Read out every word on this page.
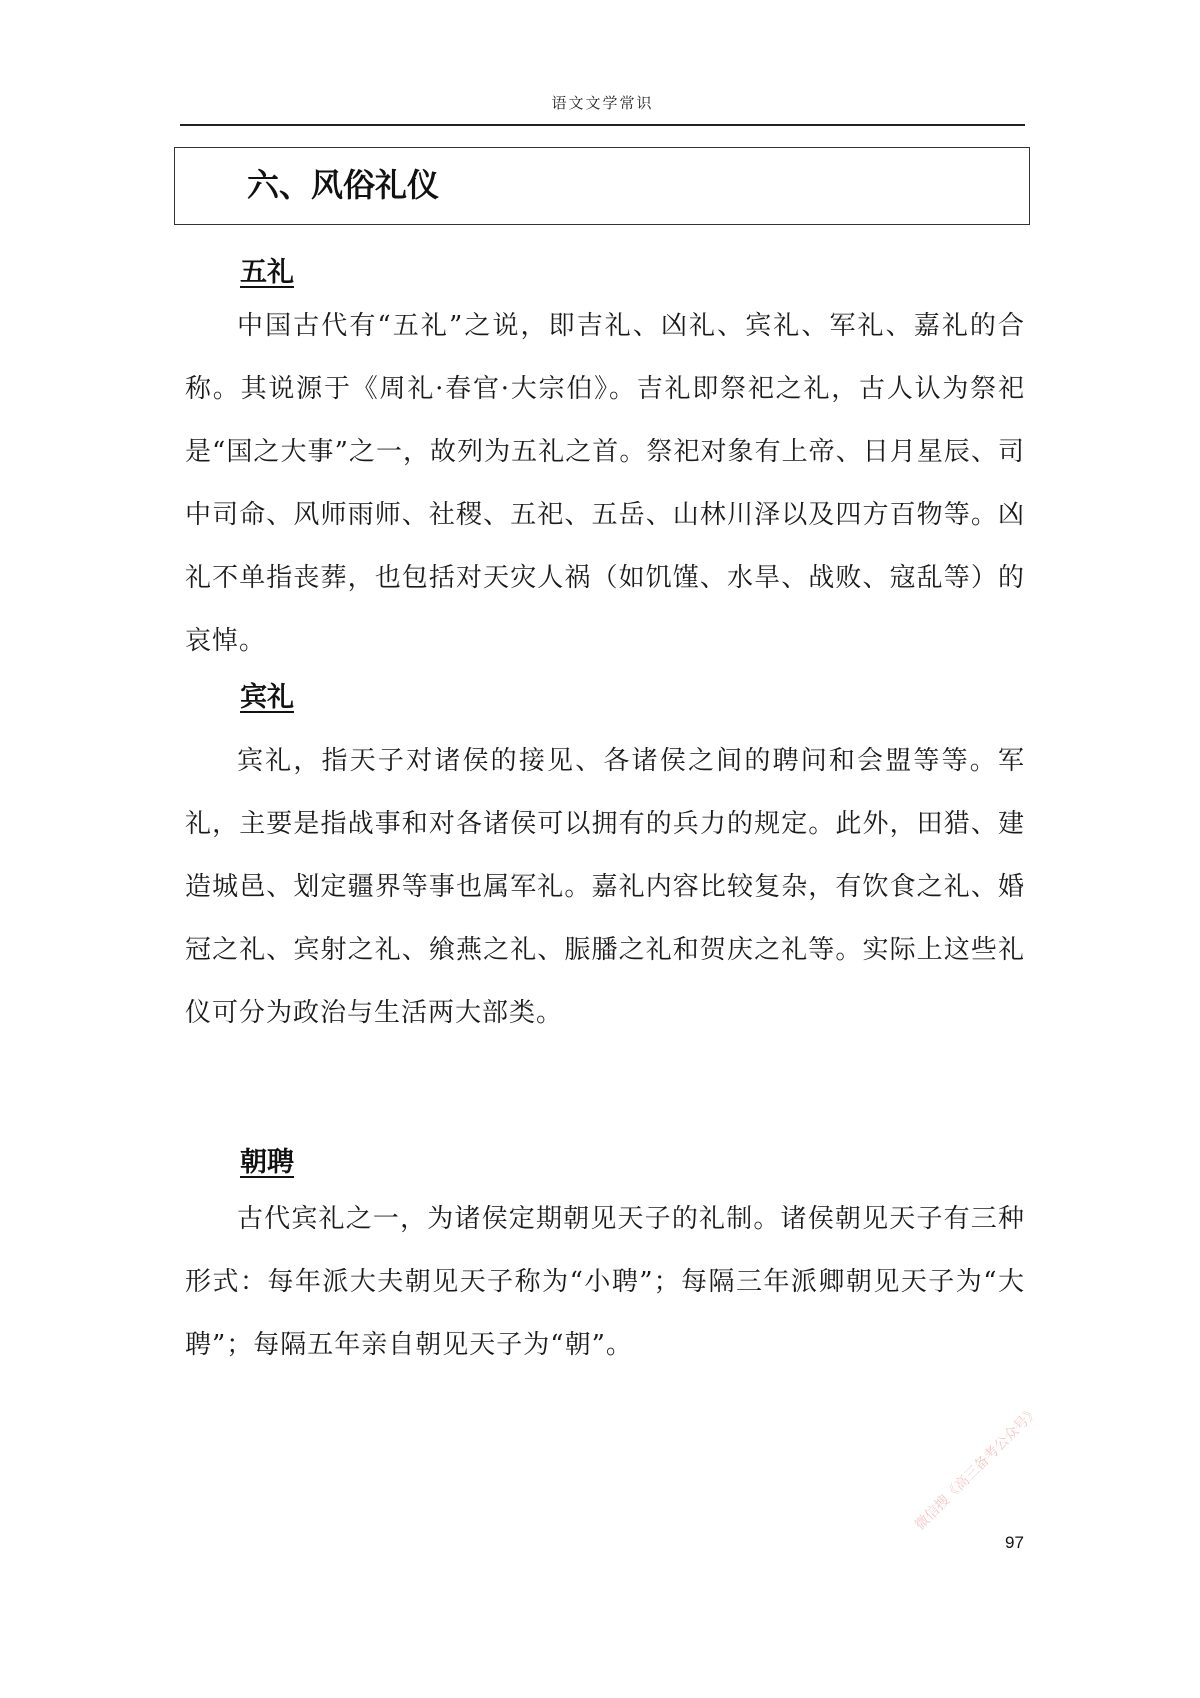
语文文学常识
六、风俗礼仪
五礼

中国古代有“五礼”之说，即吉礼、凶礼、宾礼、军礼、嘉礼的合称。其说源于《周礼·春官·大宗伯》。吉礼即祭祀之礼，古人认为祭祀是“国之大事”之一，故列为五礼之首。祭祀对象有上帝、日月星辰、司中司命、风师雨师、社稷、五祀、五岳、山林川泽以及四方百物等。凶礼不单指丧葬，也包括对天灾人祸（如饥馑、水旱、战败、寇乱等）的哀悼。

宾礼

宾礼，指天子对诸侯的接见、各诸侯之间的聘问和会盟等等。军礼，主要是指战事和对各诸侯可以拥有的兵力的规定。此外，田猎、建造城邑、划定疆界等事也属军礼。嘉礼内容比较复杂，有饮食之礼、婚冠之礼、宾射之礼、飨燕之礼、脤膰之礼和贺庆之礼等。实际上这些礼仪可分为政治与生活两大部类。

朝聘

古代宾礼之一，为诸侯定期朝见天子的礼制。诸侯朝见天子有三种形式：每年派大夫朝见天子称为“小聘”；每隔三年派卿朝见天子为“大聘”；每隔五年亲自朝见天子为“朝”。

97
微信搜《高三备考公众号》
